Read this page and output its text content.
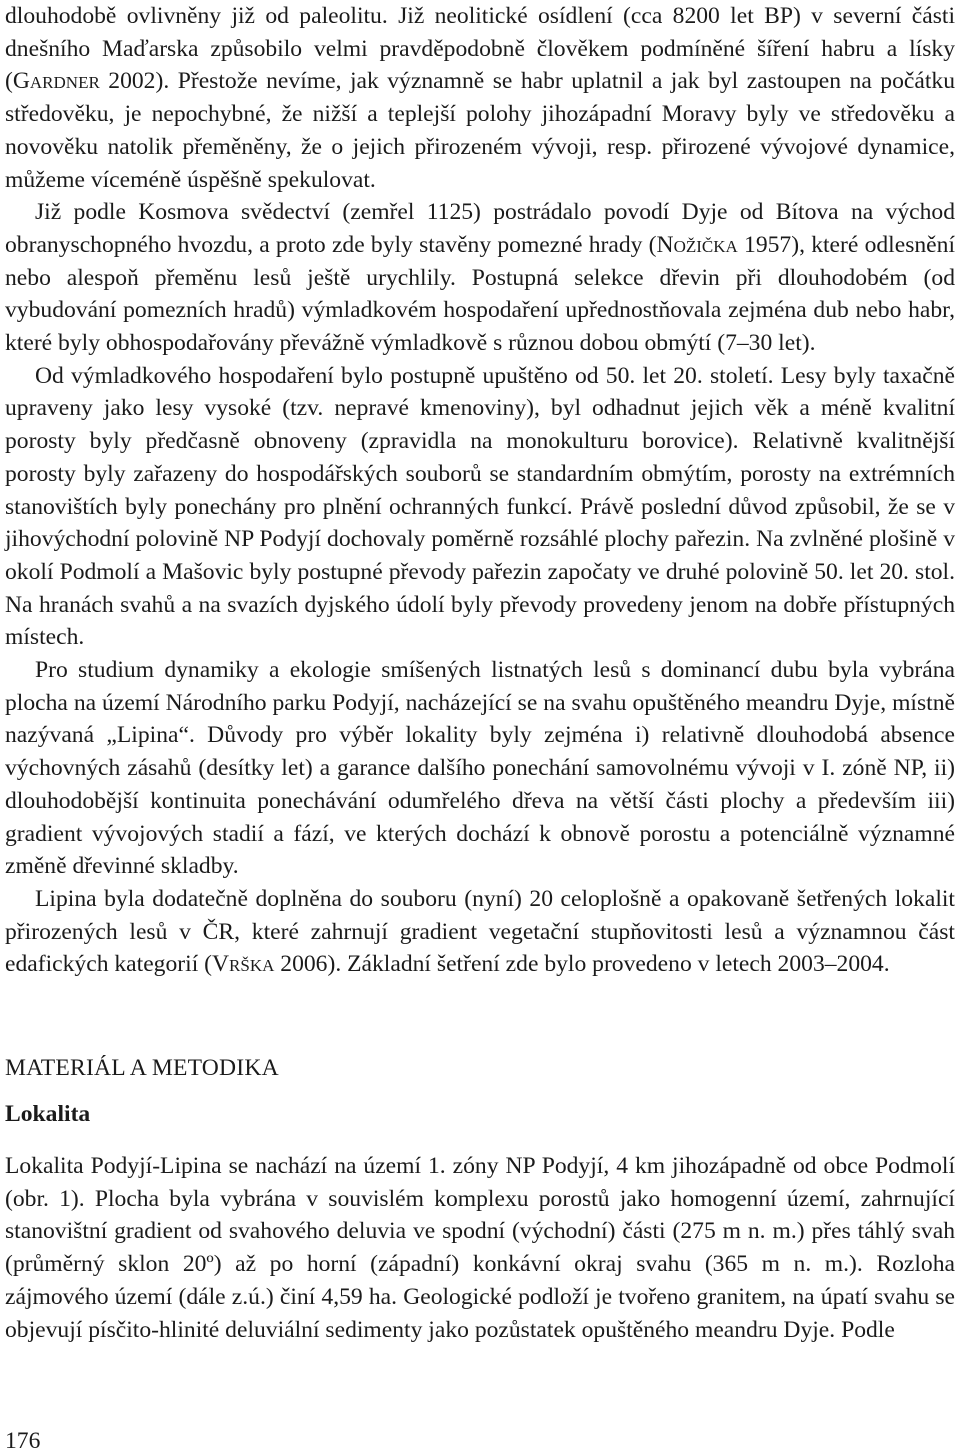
dlouhodobě ovlivněny již od paleolitu. Již neolitické osídlení (cca 8200 let BP) v severní části dnešního Maďarska způsobilo velmi pravděpodobně člověkem podmíněné šíření habru a lísky (Gardner 2002). Přestože nevíme, jak významně se habr uplatnil a jak byl zastoupen na počátku středověku, je nepochybné, že nižší a teplejší polohy jihozápadní Moravy byly ve středověku a novověku natolik přeměněny, že o jejich přirozeném vývoji, resp. přirozené vývojové dynamice, můžeme víceméně úspěšně spekulovat.

Již podle Kosmova svědectví (zemřel 1125) postrádalo povodí Dyje od Bítova na východ obranyschopného hvozdu, a proto zde byly stavěny pomezné hrady (Nožička 1957), které odlesnění nebo alespoň přeměnu lesů ještě urychlily. Postupná selekce dřevin při dlouhodobém (od vybudování pomezních hradů) výmladkovém hospodaření upřednostňovala zejména dub nebo habr, které byly obhospodařovány převážně výmladkově s různou dobou obmýtí (7–30 let).

Od výmladkového hospodaření bylo postupně upuštěno od 50. let 20. století. Lesy byly taxačně upraveny jako lesy vysoké (tzv. nepravé kmenoviny), byl odhadnut jejich věk a méně kvalitní porosty byly předčasně obnoveny (zpravidla na monokulturu borovice). Relativně kvalitnější porosty byly zařazeny do hospodářských souborů se standardním obmýtím, porosty na extrémních stanovištích byly ponechány pro plnění ochranných funkcí. Právě poslední důvod způsobil, že se v jihovýchodní polovině NP Podyjí dochovaly poměrně rozsáhlé plochy pařezin. Na zvlněné plošině v okolí Podmolí a Mašovic byly postupné převody pařezin započaty ve druhé polovině 50. let 20. stol. Na hranách svahů a na svazích dyjského údolí byly převody provedeny jenom na dobře přístupných místech.

Pro studium dynamiky a ekologie smíšených listnatých lesů s dominancí dubu byla vybrána plocha na území Národního parku Podyjí, nacházející se na svahu opuštěného meandru Dyje, místně nazývaná „Lipina“. Důvody pro výběr lokality byly zejména i) relativně dlouhodobá absence výchovných zásahů (desítky let) a garance dalšího ponechání samovolnému vývoji v I. zóně NP, ii) dlouhodobější kontinuita ponechávání odumřelého dřeva na větší části plochy a především iii) gradient vývojových stadií a fází, ve kterých dochází k obnově porostu a potenciálně významné změně dřevinné skladby.

Lipina byla dodatečně doplněna do souboru (nyní) 20 celoplošně a opakovaně šetřených lokalit přirozených lesů v ČR, které zahrnují gradient vegetační stupňovitosti lesů a významnou část edafických kategorií (Vrška 2006). Základní šetření zde bylo provedeno v letech 2003–2004.

MATERIÁL A METODIKA
Lokalita

Lokalita Podyjí-Lipina se nachází na území 1. zóny NP Podyjí, 4 km jihozápadně od obce Podmolí (obr. 1). Plocha byla vybrána v souvislém komplexu porostů jako homogenní území, zahrnující stanovištní gradient od svahového deluvia ve spodní (východní) části (275 m n. m.) přes táhlý svah (průměrný sklon 20º) až po horní (západní) konkávní okraj svahu (365 m n. m.). Rozloha zájmového území (dále z.ú.) činí 4,59 ha. Geologické podloží je tvořeno granitem, na úpatí svahu se objevují písčito-hlinité deluviální sedimenty jako pozůstatek opuštěného meandru Dyje. Podle

176
